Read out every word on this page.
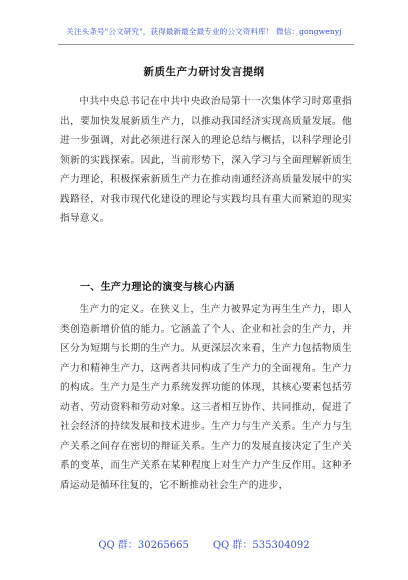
关注头条号"公文研究"，获得最新最全最专业的公文资料库！ 微信：gongwenyj
新质生产力研讨发言提纲

中共中央总书记在中共中央政治局第十一次集体学习时郑重指出，要加快发展新质生产力，以推动我国经济实现高质量发展。他进一步强调，对此必须进行深入的理论总结与概括，以科学理论引领新的实践探索。因此，当前形势下，深入学习与全面理解新质生产力理论，积极探索新质生产力在推动南通经济高质量发展中的实践路径，对我市现代化建设的理论与实践均具有重大而紧迫的现实指导意义。

一、生产力理论的演变与核心内涵

生产力的定义。在狭义上，生产力被界定为再生生产力，即人类创造新增价值的能力。它涵盖了个人、企业和社会的生产力，并区分为短期与长期的生产力。从更深层次来看，生产力包括物质生产力和精神生产力，这两者共同构成了生产力的全面视角。生产力的构成。生产力是生产力系统发挥功能的体现，其核心要素包括劳动者、劳动资料和劳动对象。这三者相互协作、共同推动，促进了社会经济的持续发展和技术进步。生产力与生产关系。生产力与生产关系之间存在密切的辩证关系。生产力的发展直接决定了生产关系的变革，而生产关系在某种程度上对生产力产生反作用。这种矛盾运动是循环往复的，它不断推动社会生产的进步，

QQ 群：30265665 QQ 群：535304092
